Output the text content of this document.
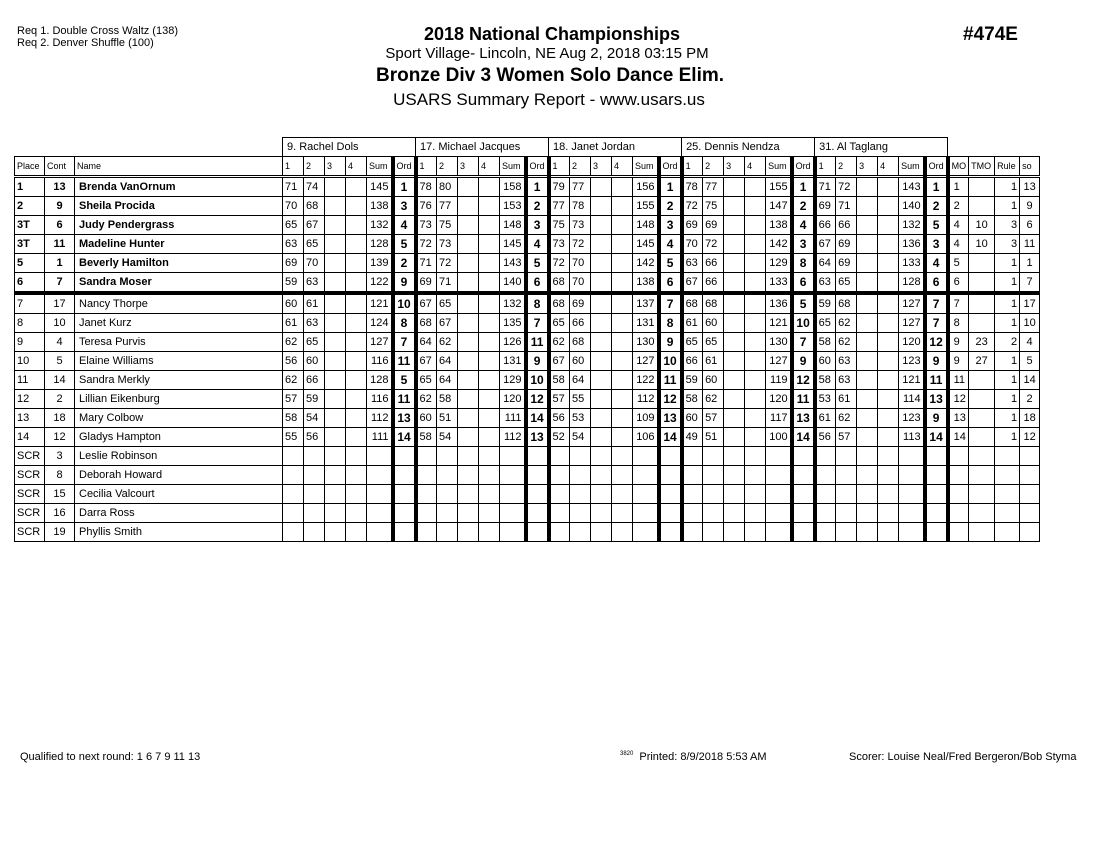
Req 1. Double Cross Waltz (138)
Req 2. Denver Shuffle (100)	2018 National Championships
Sport Village- Lincoln, NE Aug 2, 2018 03:15 PM
Bronze Div 3 Women Solo Dance Elim.
USARS Summary Report - www.usars.us
#474E
			9. Rachel Dols						17. Michael Jacques						18. Janet Jordan						25. Dennis Nendza						31. Al Taglang									
Place	Cont	Name	1	2	3	4	Sum	Ord	1	2	3	4	Sum	Ord	1	2	3	4	Sum	Ord	1	2	3	4	Sum	Ord	1	2	3	4	Sum	Ord	MO	TMO	Rule	so
1	13	Brenda VanOrnum	71	74			145	1	78	80			158	1	79	77			156	1	78	77			155	1	71	72			143	1	1		1	13
2	9	Sheila Procida	70	68			138	3	76	77			153	2	77	78			155	2	72	75			147	2	69	71			140	2	2		1	9
3T	6	Judy Pendergrass	65	67			132	4	73	75			148	3	75	73			148	3	69	69			138	4	66	66			132	5	4	10	3	6
3T	11	Madeline Hunter	63	65			128	5	72	73			145	4	73	72			145	4	70	72			142	3	67	69			136	3	4	10	3	11
5	1	Beverly Hamilton	69	70			139	2	71	72			143	5	72	70			142	5	63	66			129	8	64	69			133	4	5		1	1
6	7	Sandra Moser	59	63			122	9	69	71			140	6	68	70			138	6	67	66			133	6	63	65			128	6	6		1	7
7	17	Nancy Thorpe	60	61			121	10	67	65			132	8	68	69			137	7	68	68			136	5	59	68			127	7	7		1	17
8	10	Janet Kurz	61	63			124	8	68	67			135	7	65	66			131	8	61	60			121	10	65	62			127	7	8		1	10
9	4	Teresa Purvis	62	65			127	7	64	62			126	11	62	68			130	9	65	65			130	7	58	62			120	12	9	23	2	4
10	5	Elaine Williams	56	60			116	11	67	64			131	9	67	60			127	10	66	61			127	9	60	63			123	9	9	27	1	5
11	14	Sandra Merkly	62	66			128	5	65	64			129	10	58	64			122	11	59	60			119	12	58	63			121	11	11		1	14
12	2	Lillian Eikenburg	57	59			116	11	62	58			120	12	57	55			112	12	58	62			120	11	53	61			114	13	12		1	2
13	18	Mary Colbow	58	54			112	13	60	51			111	14	56	53			109	13	60	57			117	13	61	62			123	9	13		1	18
14	12	Gladys Hampton	55	56			111	14	58	54			112	13	52	54			106	14	49	51			100	14	56	57			113	14	14		1	12
SCR	3	Leslie Robinson																																		
SCR	8	Deborah Howard																																		
SCR	15	Cecilia Valcourt																																		
SCR	16	Darra Ross																																		
SCR	19	Phyllis Smith																																		
Qualified to next round: 1 6 7 9 11 13	$^{3820}$ Printed: 8/9/2018 5:53 AM	Scorer: Louise Neal/Fred Bergeron/Bob Styma
